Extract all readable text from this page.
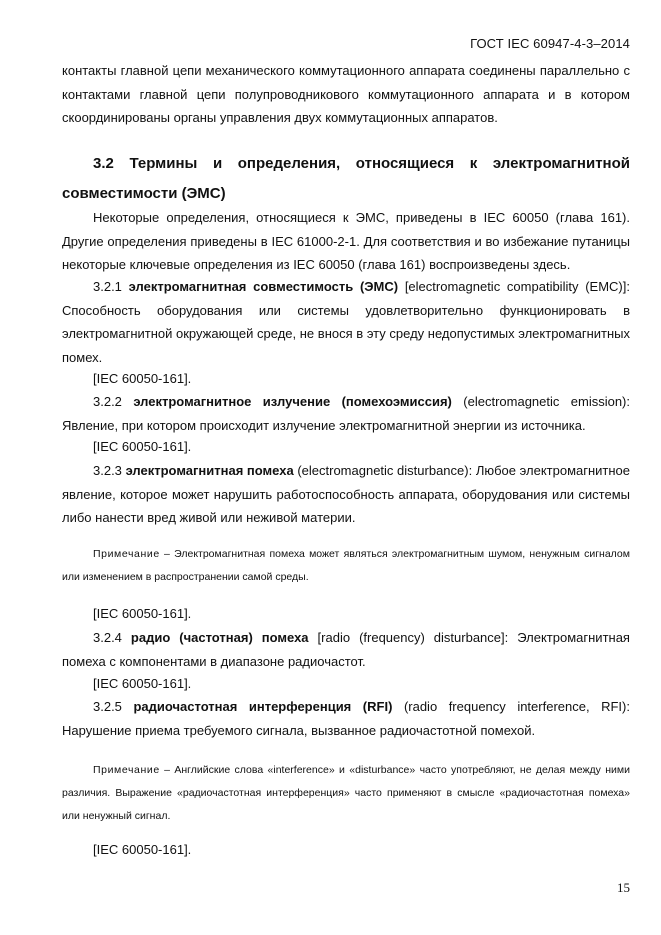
ГОСТ IEC 60947-4-3–2014

контакты главной цепи механического коммутационного аппарата соединены параллельно с контактами главной цепи полупроводникового коммутационного аппарата и в котором скоординированы органы управления двух коммутационных аппаратов.

3.2 Термины и определения, относящиеся к электромагнитной совместимости (ЭМС)

Некоторые определения, относящиеся к ЭМС, приведены в IEC 60050 (глава 161). Другие определения приведены в IEC 61000-2-1. Для соответствия и во избежание путаницы некоторые ключевые определения из IEC 60050 (глава 161) воспроизведены здесь.

3.2.1 электромагнитная совместимость (ЭМС) [electromagnetic compatibility (EMC)]: Способность оборудования или системы удовлетворительно функционировать в электромагнитной окружающей среде, не внося в эту среду недопустимых электромагнитных помех.

[IEC 60050-161].

3.2.2 электромагнитное излучение (помехоэмиссия) (electromagnetic emission): Явление, при котором происходит излучение электромагнитной энергии из источника.

[IEC 60050-161].

3.2.3 электромагнитная помеха (electromagnetic disturbance): Любое электромагнитное явление, которое может нарушить работоспособность аппарата, оборудования или системы либо нанести вред живой или неживой материи.

Примечание – Электромагнитная помеха может являться электромагнитным шумом, ненужным сигналом или изменением в распространении самой среды.

[IEC 60050-161].

3.2.4 радио (частотная) помеха [radio (frequency) disturbance]: Электромагнитная помеха с компонентами в диапазоне радиочастот.

[IEC 60050-161].

3.2.5 радиочастотная интерференция (RFI) (radio frequency interference, RFI): Нарушение приема требуемого сигнала, вызванное радиочастотной помехой.

Примечание – Английские слова «interference» и «disturbance» часто употребляют, не делая между ними различия. Выражение «радиочастотная интерференция» часто применяют в смысле «радиочастотная помеха» или ненужный сигнал.

[IEC 60050-161].
15
